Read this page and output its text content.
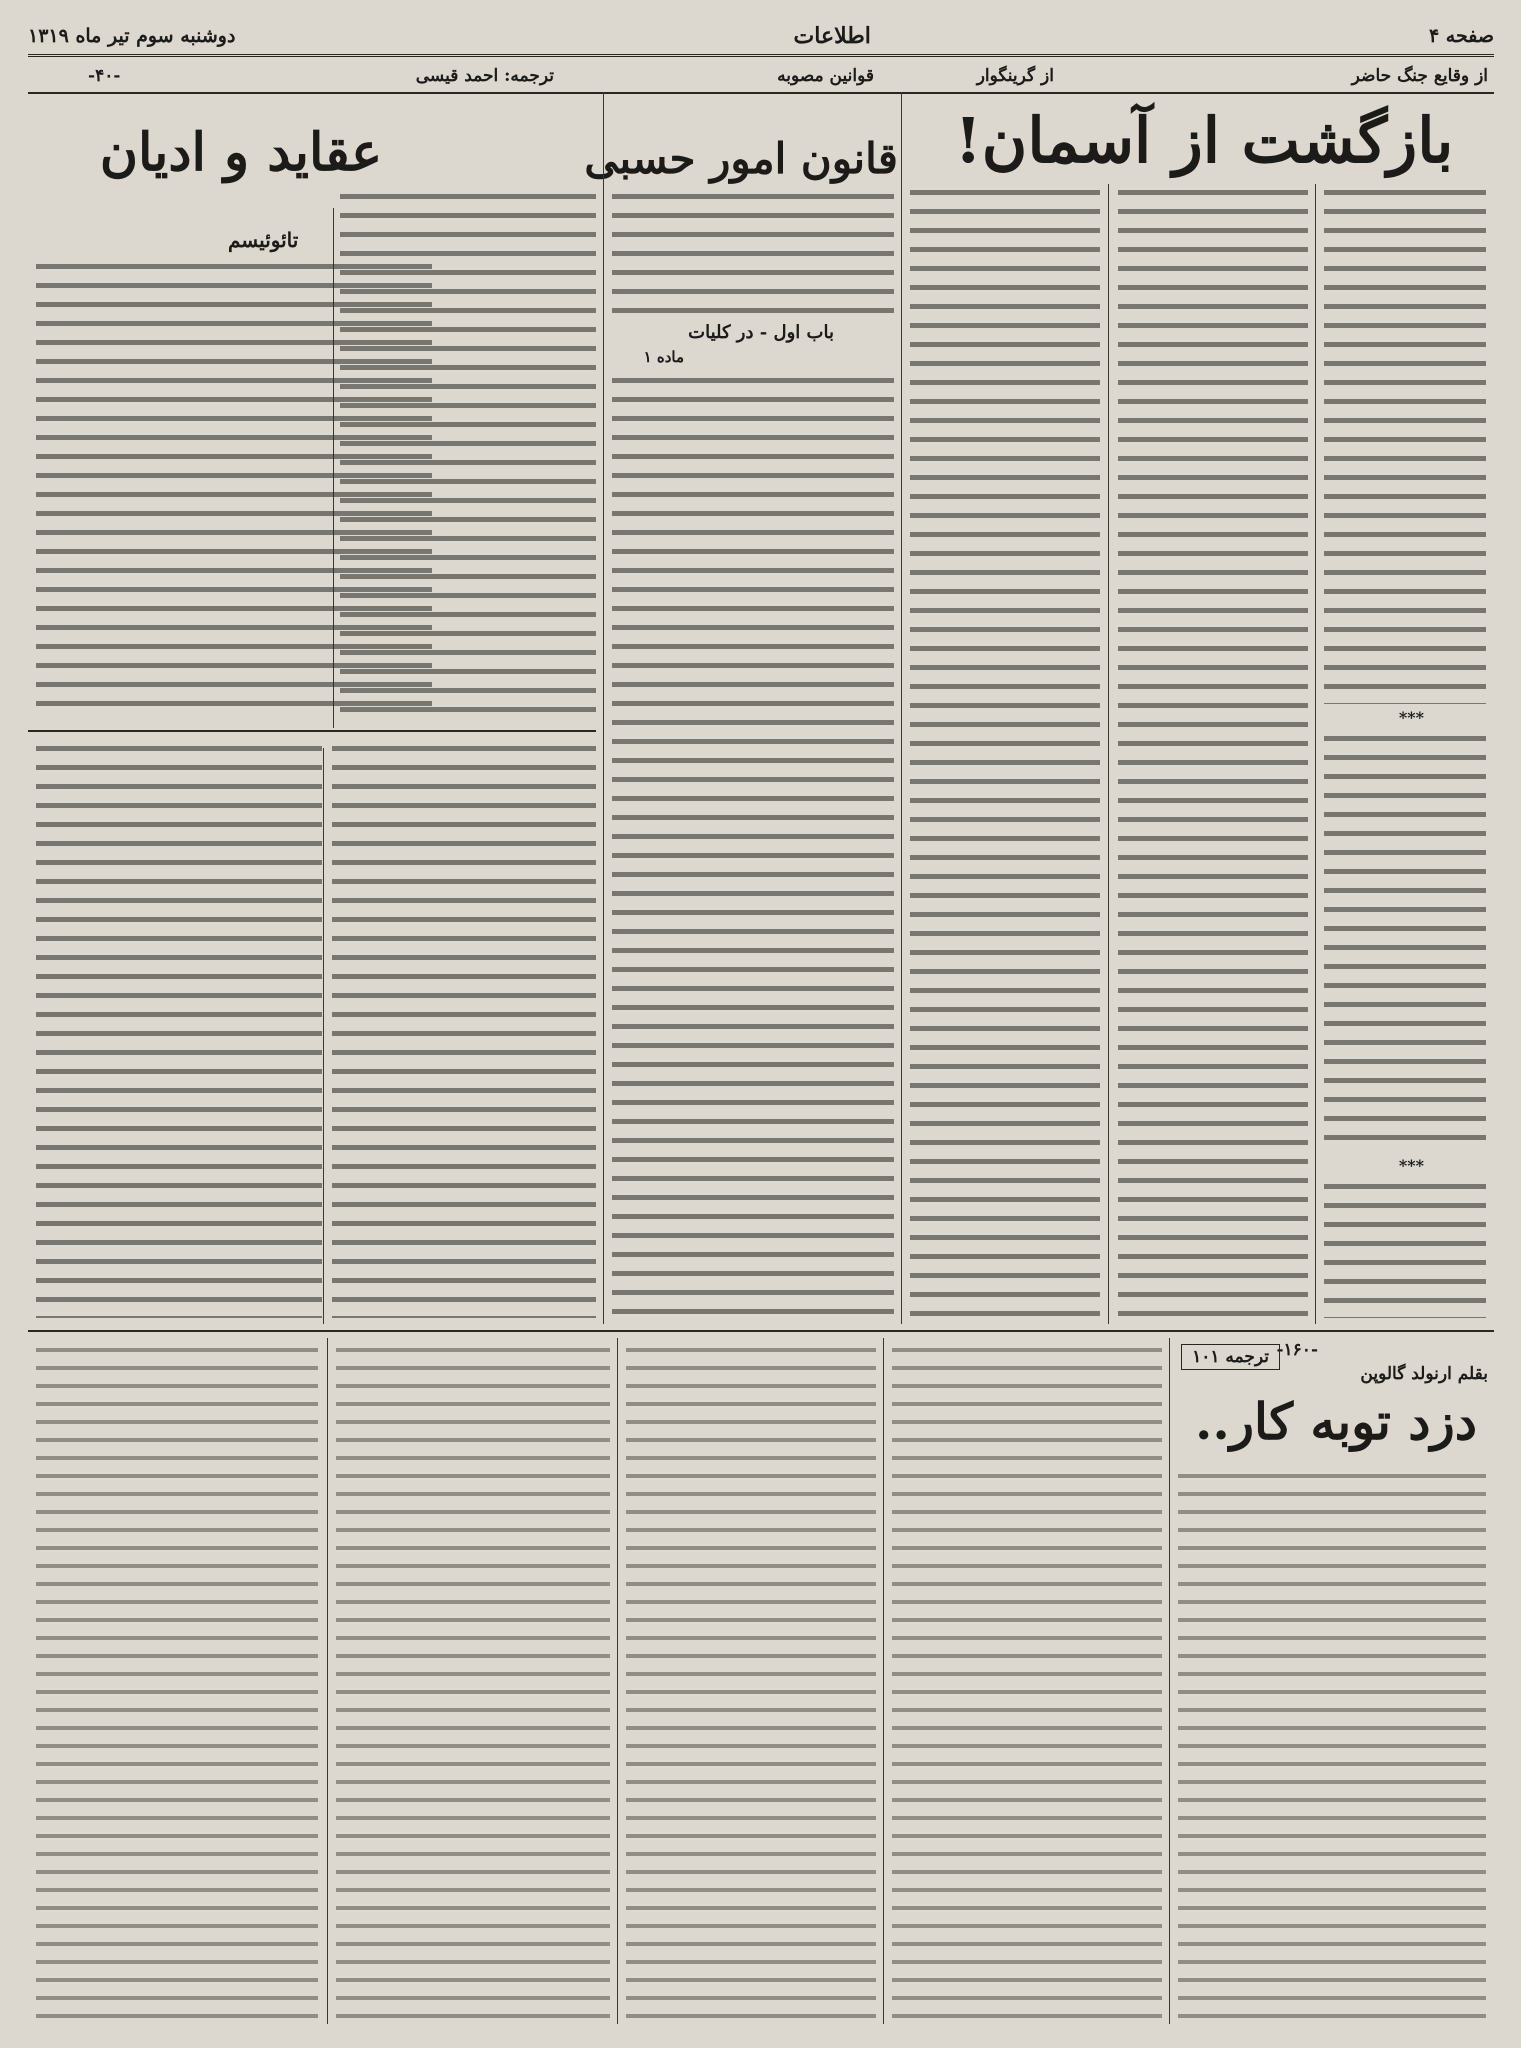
صفحه ۴
اطلاعات
دوشنبه سوم تیر ماه ۱۳۱۹
از وقایع جنگ حاضر
از گرینگوار
قوانین مصوبه
ترجمه: احمد قیسی
-۴۰-
بازگشت از آسمان!
قانون امور حسبی
عقاید و ادیان
***
***
باب اول - در کلیات
ماده ۱
تائوئیسم
-۱۶۰-
بقلم ارنولد گالوپن
ترجمه ۱۰۱
دزد توبه کار..
